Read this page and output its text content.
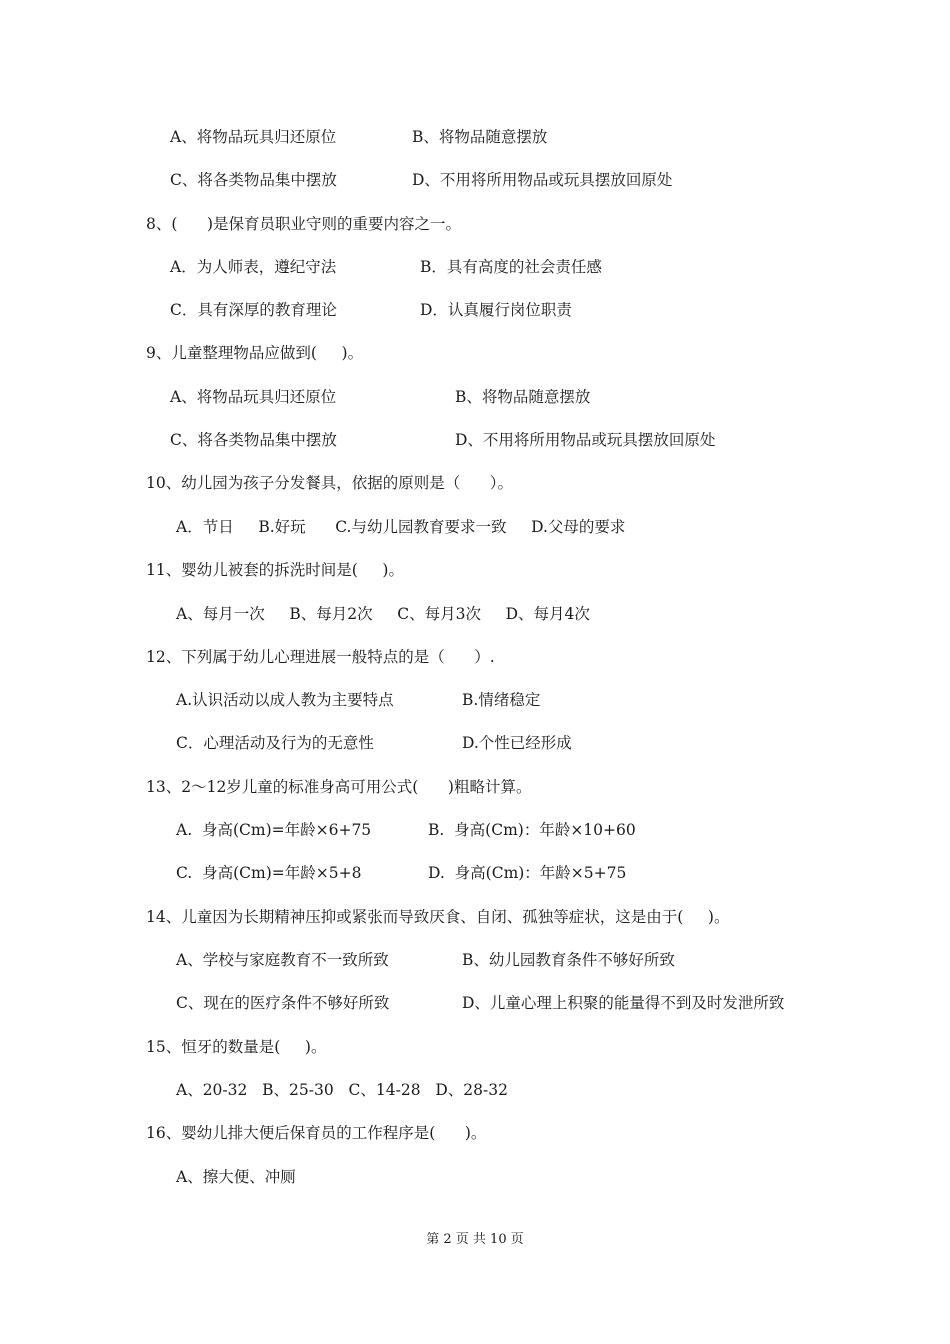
A、将物品玩具归还原位	B、将物品随意摆放
C、将各类物品集中摆放	D、不用将所用物品或玩具摆放回原处
8、(      )是保育员职业守则的重要内容之一。
A．为人师表，遵纪守法	B．具有高度的社会责任感
C．具有深厚的教育理论	D．认真履行岗位职责
9、儿童整理物品应做到(     )。
A、将物品玩具归还原位	B、将物品随意摆放
C、将各类物品集中摆放	D、不用将所用物品或玩具摆放回原处
10、幼儿园为孩子分发餐具，依据的原则是（      ）。
A．节日     B.好玩      C.与幼儿园教育要求一致     D.父母的要求
11、婴幼儿被套的拆洗时间是(     )。
A、每月一次     B、每月2次     C、每月3次     D、每月4次
12、下列属于幼儿心理进展一般特点的是（      ）.
A.认识活动以成人教为主要特点	B.情绪稳定
C．心理活动及行为的无意性	D.个性已经形成
13、2～12岁儿童的标准身高可用公式(      )粗略计算。
A.  身高(Cm)=年龄×6+75	B.  身高(Cm)：年龄×10+60
C.  身高(Cm)=年龄×5+8	D.  身高(Cm)：年龄×5+75
14、儿童因为长期精神压抑或紧张而导致厌食、自闭、孤独等症状，这是由于(     )。
A、学校与家庭教育不一致所致	B、幼儿园教育条件不够好所致
C、现在的医疗条件不够好所致	D、儿童心理上积聚的能量得不到及时发泄所致
15、恒牙的数量是(     )。
A、20-32   B、25-30   C、14-28   D、28-32
16、婴幼儿排大便后保育员的工作程序是(      )。
A、擦大便、冲厕
第 2 页 共 10 页
